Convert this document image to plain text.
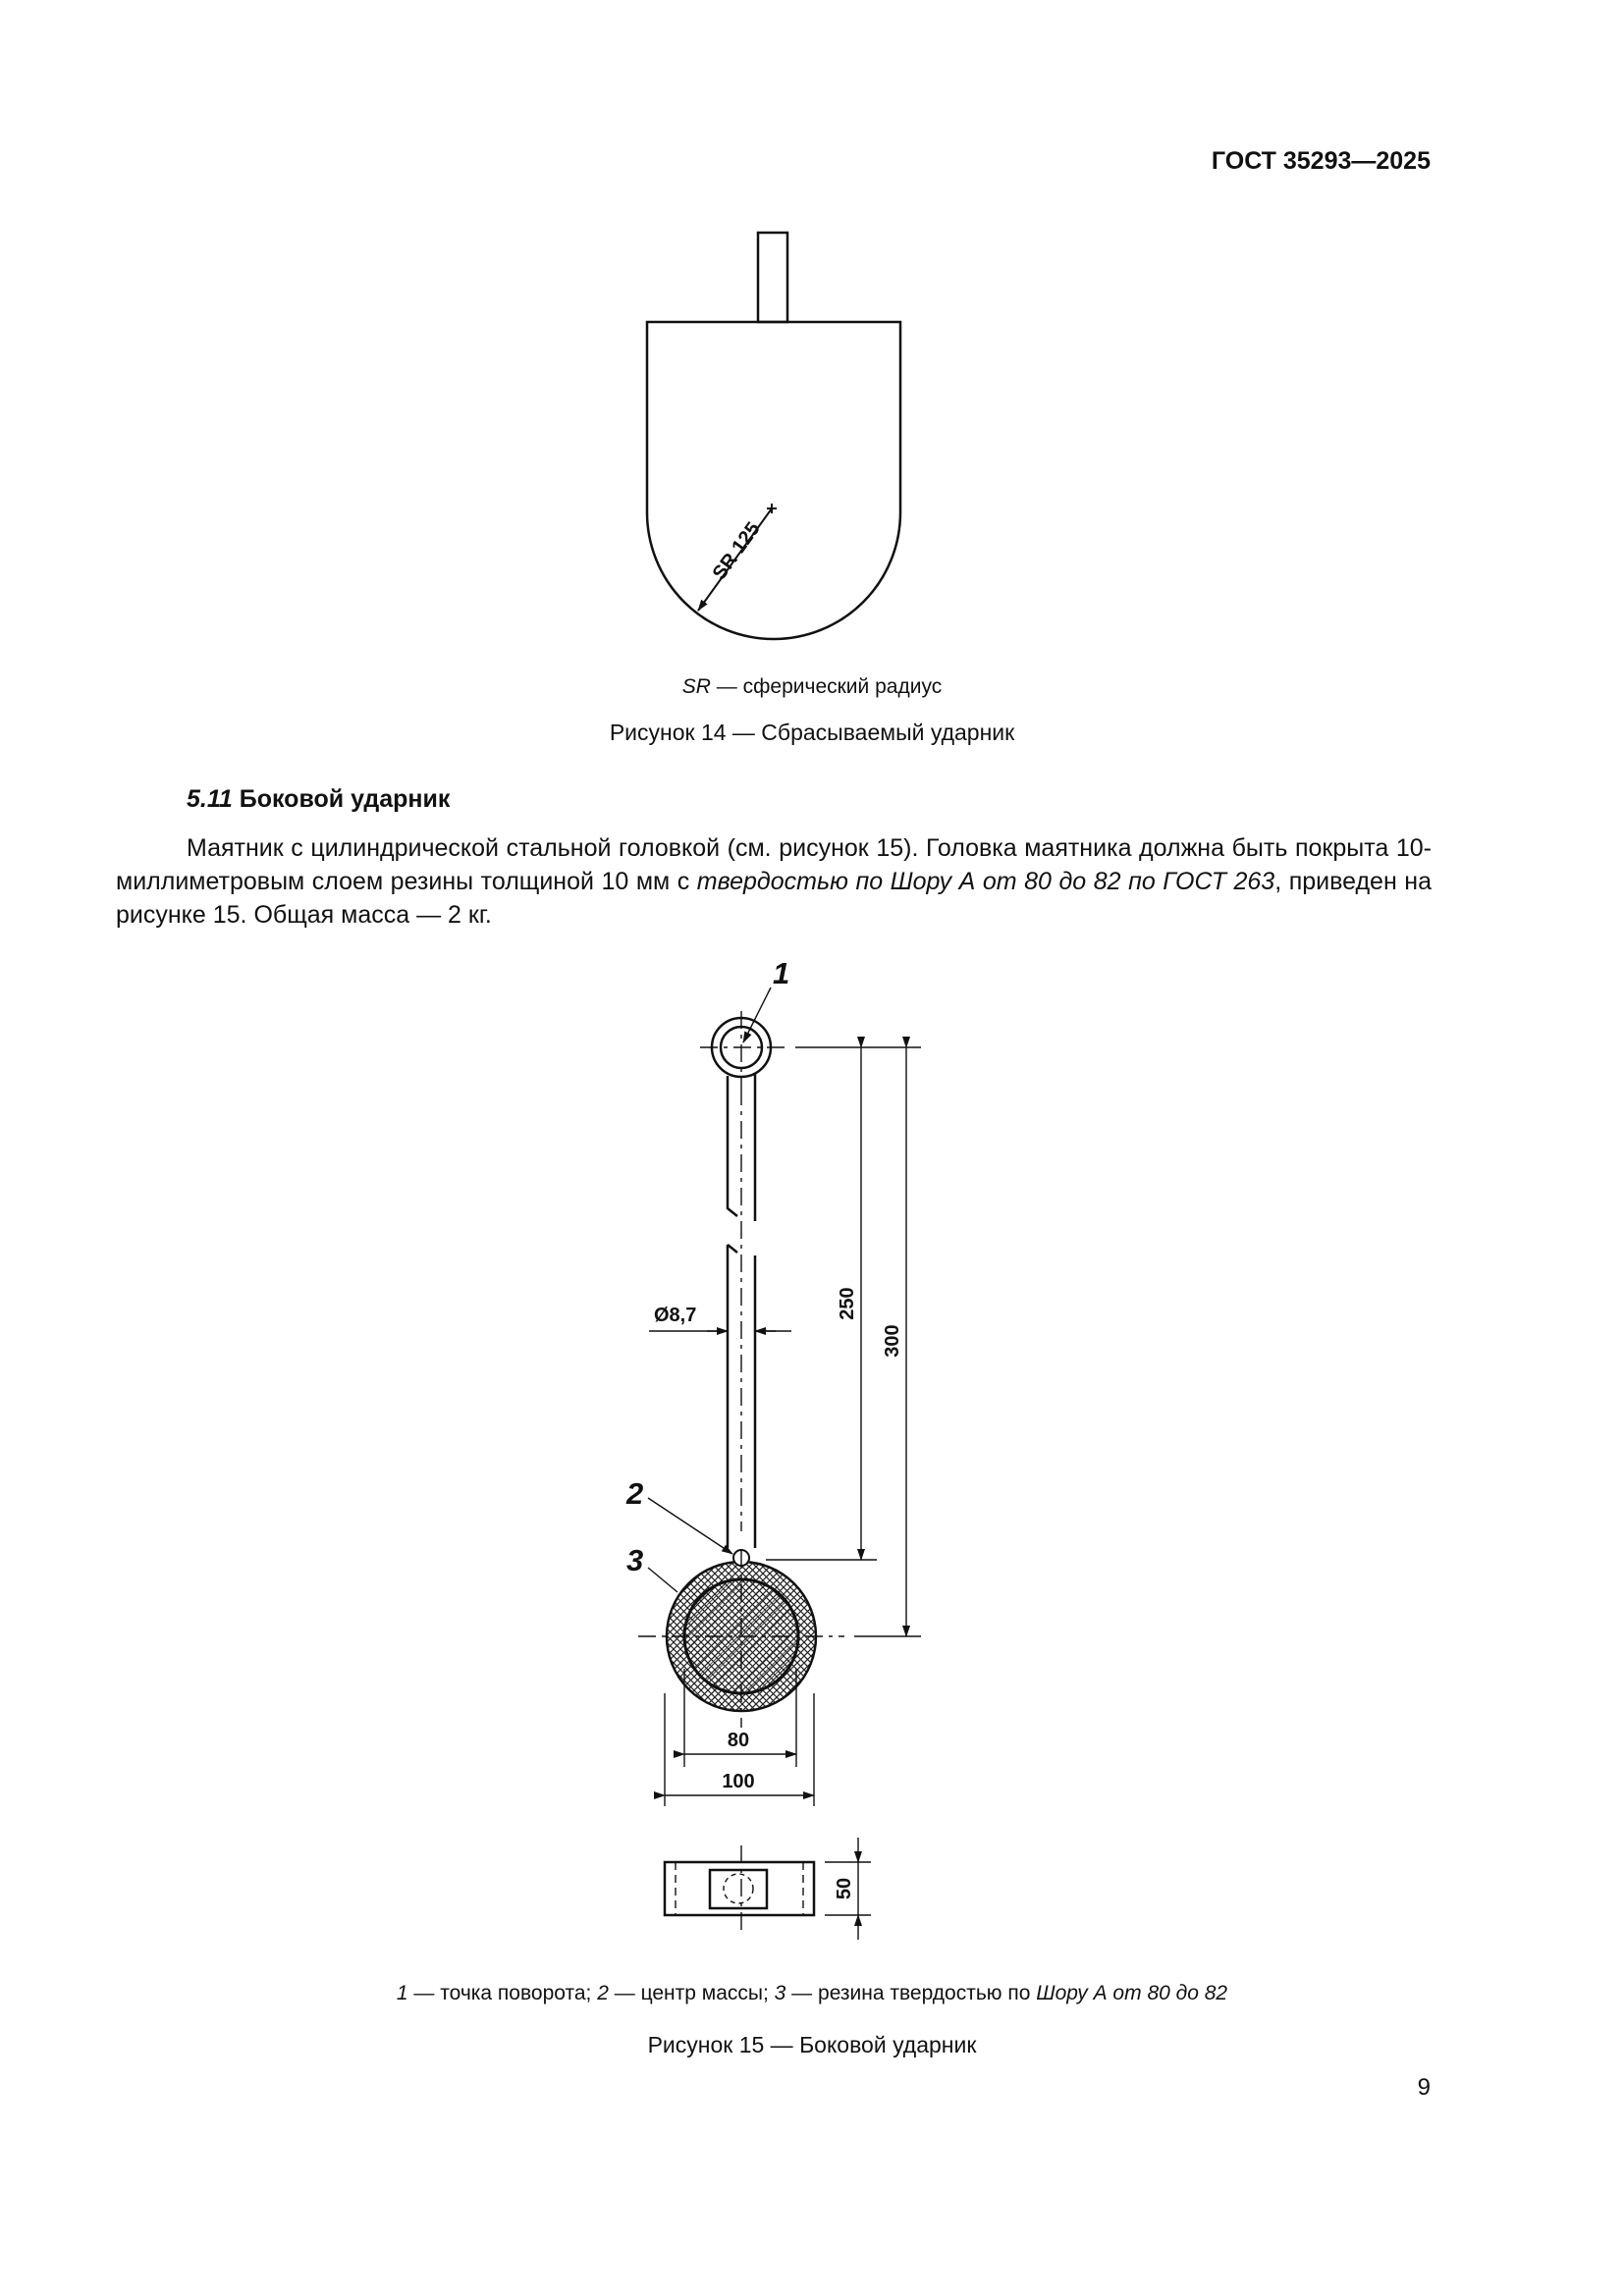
ГОСТ 35293—2025
SR 125
1
2
3
Ø8,7	250
300
80
100
50
SR — сферический радиус
Рисунок 14 — Сбрасываемый ударник
5.11 Боковой ударник
Маятник с цилиндрической стальной головкой (см. рисунок 15). Головка маятника должна быть покрыта 10-миллиметровым слоем резины толщиной 10 мм с твердостью по Шору А от 80 до 82 по ГОСТ 263, приведен на рисунке 15. Общая масса — 2 кг.
1 — точка поворота; 2 — центр массы; 3 — резина твердостью по Шору А от 80 до 82
Рисунок 15 — Боковой ударник
9
